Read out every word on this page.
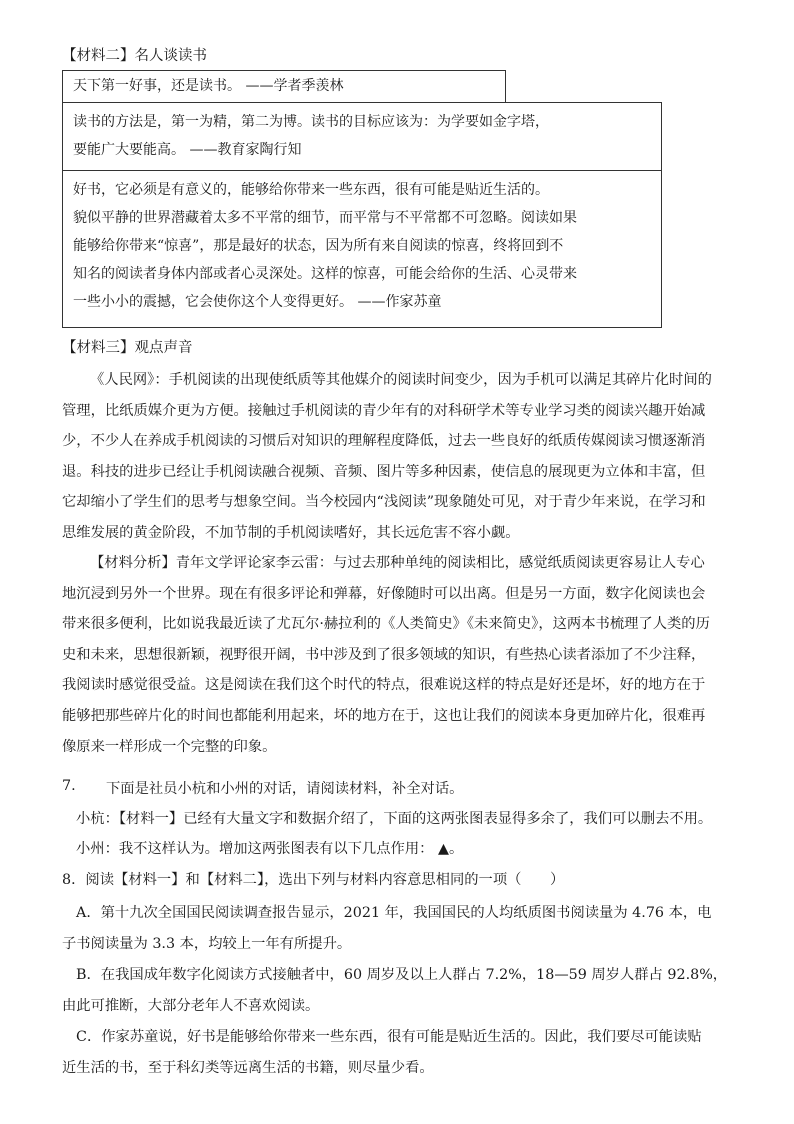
【材料二】名人谈读书
天下第一好事，还是读书。 ——学者季羡林
读书的方法是，第一为精，第二为博。读书的目标应该为：为学要如金字塔，
要能广大要能高。 ——教育家陶行知
好书，它必须是有意义的，能够给你带来一些东西，很有可能是贴近生活的。
貌似平静的世界潜藏着太多不平常的细节，而平常与不平常都不可忽略。阅读如果
能够给你带来“惊喜”，那是最好的状态，因为所有来自阅读的惊喜，终将回到不
知名的阅读者身体内部或者心灵深处。这样的惊喜，可能会给你的生活、心灵带来
一些小小的震撼，它会使你这个人变得更好。 ——作家苏童
【材料三】观点声音
《人民网》：手机阅读的出现使纸质等其他媒介的阅读时间变少，因为手机可以满足其碎片化时间的
管理，比纸质媒介更为方便。接触过手机阅读的青少年有的对科研学术等专业学习类的阅读兴趣开始减
少，不少人在养成手机阅读的习惯后对知识的理解程度降低，过去一些良好的纸质传媒阅读习惯逐渐消
退。科技的进步已经让手机阅读融合视频、音频、图片等多种因素，使信息的展现更为立体和丰富，但
它却缩小了学生们的思考与想象空间。当今校园内“浅阅读”现象随处可见，对于青少年来说，在学习和
思维发展的黄金阶段，不加节制的手机阅读嗜好，其长远危害不容小觑。
【材料分析】青年文学评论家李云雷：与过去那种单纯的阅读相比，感觉纸质阅读更容易让人专心
地沉浸到另外一个世界。现在有很多评论和弹幕，好像随时可以出离。但是另一方面，数字化阅读也会
带来很多便利，比如说我最近读了尤瓦尔·赫拉利的《人类简史》《未来简史》，这两本书梳理了人类的历
史和未来，思想很新颖，视野很开阔，书中涉及到了很多领域的知识，有些热心读者添加了不少注释，
我阅读时感觉很受益。这是阅读在我们这个时代的特点，很难说这样的特点是好还是坏，好的地方在于
能够把那些碎片化的时间也都能利用起来，坏的地方在于，这也让我们的阅读本身更加碎片化，很难再
像原来一样形成一个完整的印象。
7. 下面是社员小杭和小州的对话，请阅读材料，补全对话。
小杭：【材料一】已经有大量文字和数据介绍了，下面的这两张图表显得多余了，我们可以删去不用。
小州：我不这样认为。增加这两张图表有以下几点作用： ▲。
8．阅读【材料一】和【材料二】，选出下列与材料内容意思相同的一项（　　）
A．第十九次全国国民阅读调查报告显示，2021 年，我国国民的人均纸质图书阅读量为 4.76 本，电
子书阅读量为 3.3 本，均较上一年有所提升。
B．在我国成年数字化阅读方式接触者中，60 周岁及以上人群占 7.2%，18—59 周岁人群占 92.8%，
由此可推断，大部分老年人不喜欢阅读。
C．作家苏童说，好书是能够给你带来一些东西，很有可能是贴近生活的。因此，我们要尽可能读贴
近生活的书，至于科幻类等远离生活的书籍，则尽量少看。
